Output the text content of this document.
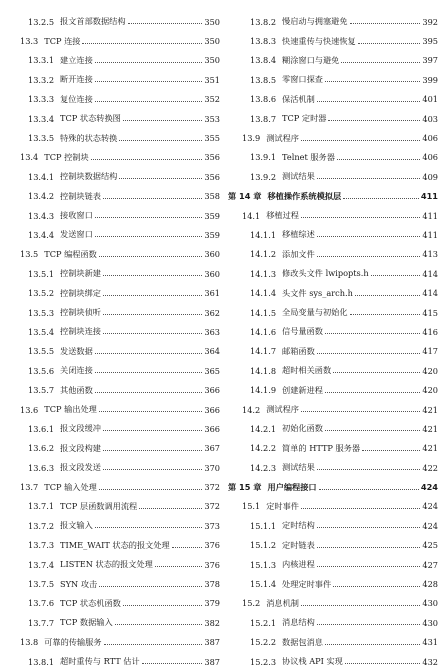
13.2.5 报文首部数据结构	350
13.3 TCP 连接	350
13.3.1 建立连接	350
13.3.2 断开连接	351
13.3.3 复位连接	352
13.3.4 TCP 状态转换图	353
13.3.5 特殊的状态转换	355
13.4 TCP 控制块	356
13.4.1 控制块数据结构	356
13.4.2 控制块链表	358
13.4.3 接收窗口	359
13.4.4 发送窗口	359
13.5 TCP 编程函数	360
13.5.1 控制块新建	360
13.5.2 控制块绑定	361
13.5.3 控制块侦听	362
13.5.4 控制块连接	363
13.5.5 发送数据	364
13.5.6 关闭连接	365
13.5.7 其他函数	366
13.6 TCP 输出处理	366
13.6.1 报文段缓冲	366
13.6.2 报文段构建	367
13.6.3 报文段发送	370
13.7 TCP 输入处理	372
13.7.1 TCP 层函数调用流程	372
13.7.2 报文输入	373
13.7.3 TIME_WAIT 状态的报文处理	376
13.7.4 LISTEN 状态的报文处理	376
13.7.5 SYN 攻击	378
13.7.6 TCP 状态机函数	379
13.7.7 TCP 数据输入	382
13.8 可靠的传输服务	387
13.8.1 超时重传与 RTT 估计	387
13.8.2 慢启动与拥塞避免	392
13.8.3 快速重传与快速恢复	395
13.8.4 糊涂窗口与避免	397
13.8.5 零窗口探查	399
13.8.6 保活机制	401
13.8.7 TCP 定时器	403
13.9 测试程序	406
13.9.1 Telnet 服务器	406
13.9.2 测试结果	409
第 14 章 移植操作系统模拟层	411
14.1 移植过程	411
14.1.1 移植综述	411
14.1.2 添加文件	413
14.1.3 修改头文件 lwipopts.h	414
14.1.4 头文件 sys_arch.h	414
14.1.5 全局变量与初始化	415
14.1.6 信号量函数	416
14.1.7 邮箱函数	417
14.1.8 超时相关函数	420
14.1.9 创建新进程	420
14.2 测试程序	421
14.2.1 初始化函数	421
14.2.2 简单的 HTTP 服务器	421
14.2.3 测试结果	422
第 15 章 用户编程接口	424
15.1 定时事件	424
15.1.1 定时结构	424
15.1.2 定时链表	425
15.1.3 内核进程	427
15.1.4 处理定时事件	428
15.2 消息机制	430
15.2.1 消息结构	430
15.2.2 数据包消息	431
15.2.3 协议栈 API 实现	432
